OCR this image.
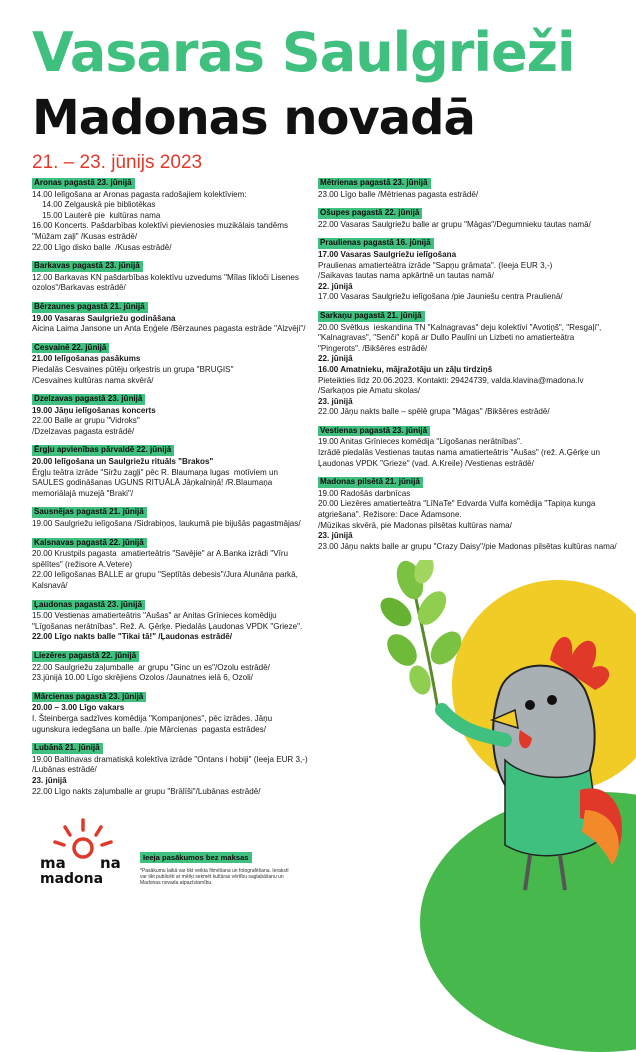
Vasaras Saulgrieži
Madonas novadā
21. – 23. jūnijs 2023
Aronas pagastā 23. jūnijā
14.00 Ielīgošana ar Aronas pagasta radošajiem kolektīviem:
14.00 Zelgauskā pie bibliotēkas
15.00 Lauterē pie  kultūras nama
16.00 Koncerts. Pašdarbības kolektīvi pievienosies muzikālais tandēms "Mūžam zaļi" /Kusas estrādē/
22.00 Līgo disko balle  /Kusas estrādē/
Barkavas pagastā 23. jūnijā
12.00 Barkavas KN pašdarbības kolektīvu uzvedums "Mīlas līkloči Lisenes ozolos"/Barkavas estrādē/
Bērzaunes pagastā 21. jūnijā
19.00 Vasaras Saulgriežu godināšana
Aicina Laima Jansone un Anta Eņģele /Bērzaunes pagasta estrāde "Alzvēji"/
Cesvainē 22. jūnijā
21.00 Ielīgošanas pasākums
Piedalās Cesvaines pūtēju orķestris un grupa "BRUĢIS"
/Cesvaines kultūras nama skvērā/
Dzelzavas pagastā 23. jūnijā
19.00 Jāņu ielīgošanas koncerts
22.00 Balle ar grupu "Vidroks"
/Dzelzavas pagasta estrādē/
Ērgļu apvienības pārvaldē 22. jūnijā
20.00 Ielīgošana un Saulgriežu rituāls "Brakos"
Ērgļu teātra izrāde "Siržu zagļi" pēc R. Blaumaņa lugas  motīviem un SAULES godināšanas UGUNS RITUĀLĀ Jāņkalniņā! /R.Blaumaņa memoriālajā muzejā "Braki"/
Sausnējas pagastā 21. jūnijā
19.00 Saulgriežu ielīgošana /Sidrabiņos, laukumā pie bijušās pagastmājas/
Kalsnavas pagastā 22. jūnijā
20.00 Krustpils pagasta  amatierteātris "Savējie" ar A.Banka izrādi "Vīru spēlītes" (režisore A.Vetere)
22.00 Ielīgošanas BALLE ar grupu "Septītās debesis"/Jura Alunāna parkā, Kalsnavā/
Ļaudonas pagastā 23. jūnijā
15.00 Vestienas amatierteātris "Aušas" ar Anitas Grīnieces komēdiju "Līgošanas nerātnības". Rež. A. Ģērķe. Piedalās Ļaudonas VPDK "Grieze".
22.00 Līgo nakts balle "Tikai tā!" /Ļaudonas estrādē/
Liezēres pagastā 22. jūnijā
22.00 Saulgriežu zaļumballe  ar grupu "Ginc un es"/Ozolu estrādē/
23.jūnijā 10.00 Līgo skrējiens Ozolos /Jaunatnes ielā 6, Ozoli/
Mārcienas pagastā 23. jūnijā
20.00 – 3.00 Līgo vakars
I. Šteinberga sadzīves komēdija "Kompanjones", pēc izrādes. Jāņu ugunskura iedegšana un balle. /pie Mārcienas  pagasta estrādes/
Lubānā 21. jūnijā
19.00 Baltinavas dramatiskā kolektīva izrāde "Ontans i hobiji" (Ieeja EUR 3,-) /Lubānas estrādē/
23. jūnijā
22.00 Līgo nakts zaļumballe ar grupu "Brālīši"/Lubānas estrādē/
Mētrienas pagastā 23. jūnijā
23.00 Līgo balle /Mētrienas pagasta estrādē/
Ošupes pagastā 22. jūnijā
22.00 Vasaras Saulgriežu balle ar grupu "Māgas"/Degumnieku tautas namā/
Praulienas pagastā 16. jūnijā
17.00 Vasaras Saulgriežu ielīgošana
Praulienas amatierteātra izrāde "Sapņu grāmata". (Ieeja EUR 3,-)
/Saikavas tautas nama apkārtnē un tautas namā/
22. jūnijā
17.00 Vasaras Saulgriežu ielīgošana /pie Jauniešu centra Praulienā/
Sarkaņu pagastā 21. jūnijā
20.00 Svētkus  ieskandina TN "Kalnagravas" deju kolektīvi "Avotiņš", "Resgaļi", "Kalnagravas", "Senči" kopā ar Dullo Paulīni un Lizbeti no amatierteātra "Pingerots". /Bikšēres estrādē/
22. jūnijā
16.00 Amatnieku, mājražotāju un zāļu tirdziņš
Pieteikties līdz 20.06.2023. Kontakti: 29424739, valda.klavina@madona.lv
/Sarkaņos pie Amatu skolas/
23. jūnijā
22.00 Jāņu nakts balle – spēlē grupa "Māgas" /Bikšēres estrādē/
Vestienas pagastā 23. jūnijā
19.00 Anitas Grīnieces komēdija "Līgošanas nerātnības".
Izrādē piedalās Vestienas tautas nama amatierteātris "Aušas" (rež. A.Ģērķe un Ļaudonas VPDK "Grieze" (vad. A.Kreile) /Vestienas estrādē/
Madonas pilsētā 21. jūnijā
19.00 Radošās darbnīcas
20.00 Liezēres amatierteātra "LīNaTe" Edvarda Vulfa komēdija "Tapiņa kunga atgriešana". Režisore: Dace Ādamsone.
/Mūzikas skvērā, pie Madonas pilsētas kultūras nama/
23. jūnijā
23.00 Jāņu nakts balle ar grupu "Crazy Daisy"/pie Madonas pilsētas kultūras nama/
ma na
madona
Ieeja pasākumos bez maksas
*Pasākumu laikā var tikt veikta filmēšana un fotografēšana. Ierakstī var tikt publicēti ar mērķi sekmēt kultūras vērtību saglabāšanu un Madonas novada atpazīstamību.
